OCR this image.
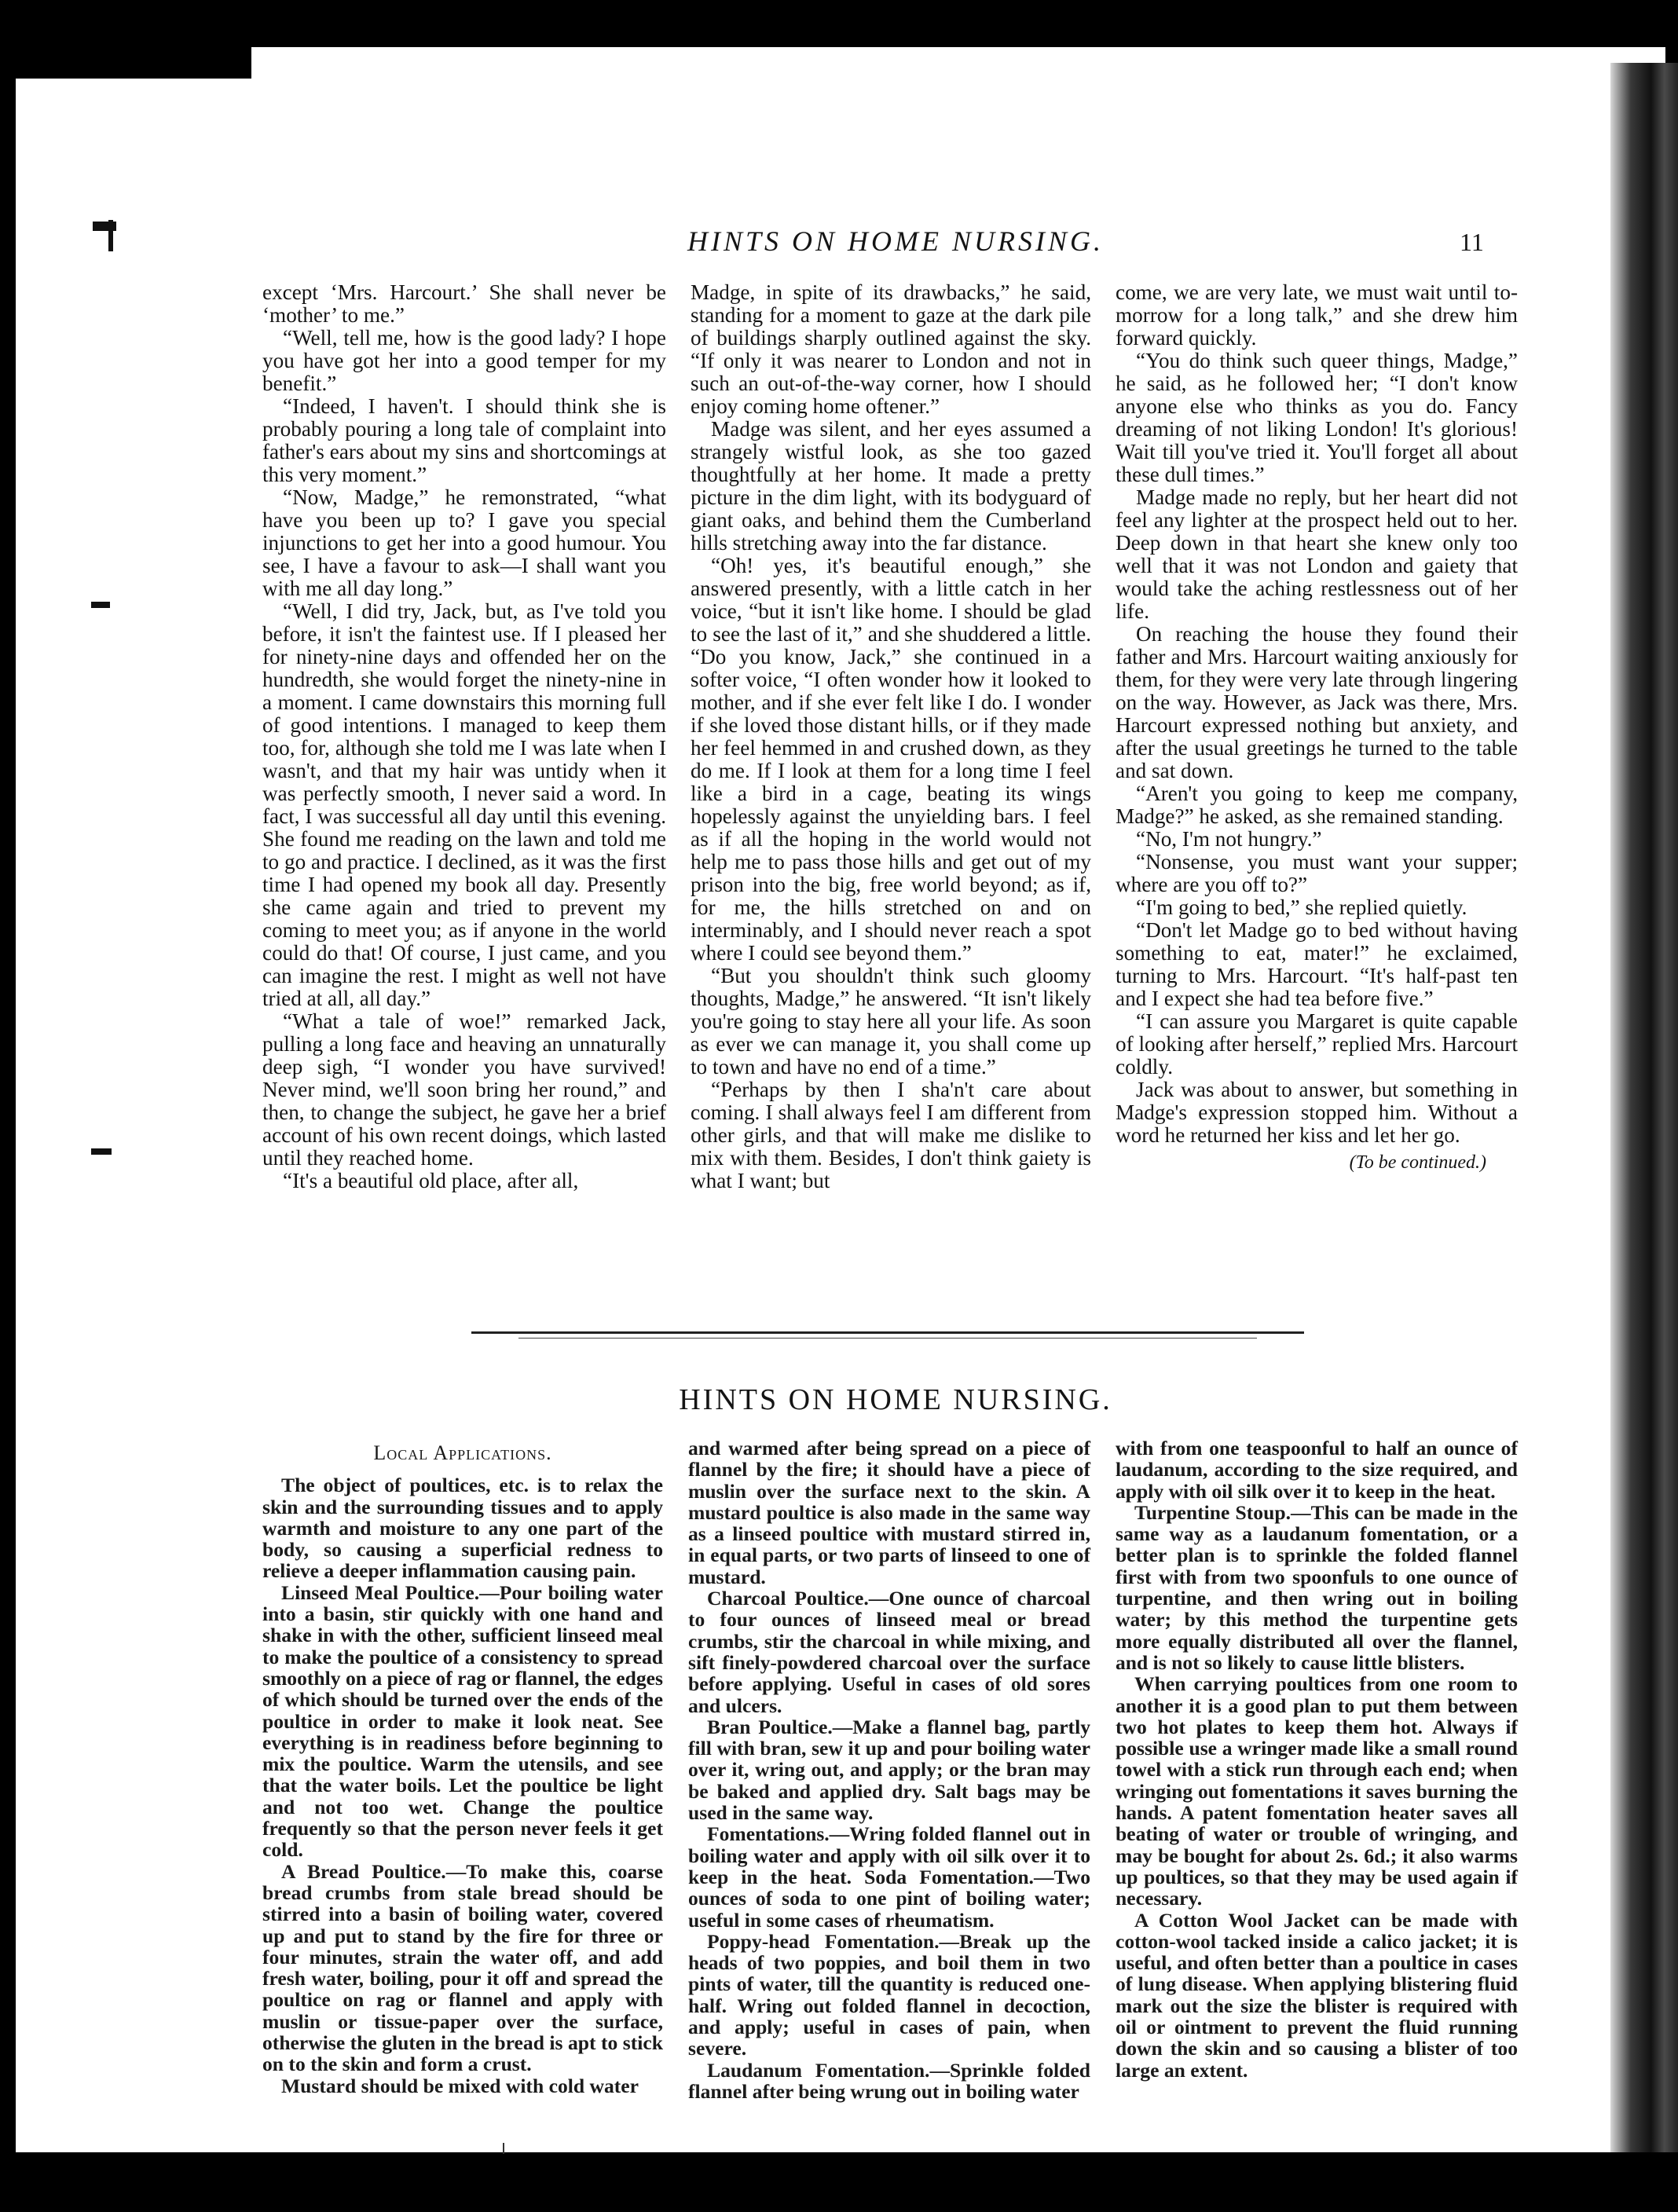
HINTS ON HOME NURSING.	11

except ‘Mrs. Harcourt.’ She shall never be ‘mother’ to me.”

“Well, tell me, how is the good lady? I hope you have got her into a good temper for my benefit.”

“Indeed, I haven't. I should think she is probably pouring a long tale of complaint into father's ears about my sins and shortcomings at this very moment.”

“Now, Madge,” he remonstrated, “what have you been up to? I gave you special injunctions to get her into a good humour. You see, I have a favour to ask—I shall want you with me all day long.”

“Well, I did try, Jack, but, as I've told you before, it isn't the faintest use. If I pleased her for ninety-nine days and offended her on the hundredth, she would forget the ninety-nine in a moment. I came downstairs this morning full of good intentions. I managed to keep them too, for, although she told me I was late when I wasn't, and that my hair was untidy when it was perfectly smooth, I never said a word. In fact, I was successful all day until this evening. She found me reading on the lawn and told me to go and practice. I declined, as it was the first time I had opened my book all day. Presently she came again and tried to prevent my coming to meet you; as if anyone in the world could do that! Of course, I just came, and you can imagine the rest. I might as well not have tried at all, all day.”

“What a tale of woe!” remarked Jack, pulling a long face and heaving an unnaturally deep sigh, “I wonder you have survived! Never mind, we'll soon bring her round,” and then, to change the subject, he gave her a brief account of his own recent doings, which lasted until they reached home.

“It's a beautiful old place, after all,

Madge, in spite of its drawbacks,” he said, standing for a moment to gaze at the dark pile of buildings sharply outlined against the sky. “If only it was nearer to London and not in such an out-of-the-way corner, how I should enjoy coming home oftener.”

Madge was silent, and her eyes assumed a strangely wistful look, as she too gazed thoughtfully at her home. It made a pretty picture in the dim light, with its bodyguard of giant oaks, and behind them the Cumberland hills stretching away into the far distance.

“Oh! yes, it's beautiful enough,” she answered presently, with a little catch in her voice, “but it isn't like home. I should be glad to see the last of it,” and she shuddered a little. “Do you know, Jack,” she continued in a softer voice, “I often wonder how it looked to mother, and if she ever felt like I do. I wonder if she loved those distant hills, or if they made her feel hemmed in and crushed down, as they do me. If I look at them for a long time I feel like a bird in a cage, beating its wings hopelessly against the unyielding bars. I feel as if all the hoping in the world would not help me to pass those hills and get out of my prison into the big, free world beyond; as if, for me, the hills stretched on and on interminably, and I should never reach a spot where I could see beyond them.”

“But you shouldn't think such gloomy thoughts, Madge,” he answered. “It isn't likely you're going to stay here all your life. As soon as ever we can manage it, you shall come up to town and have no end of a time.”

“Perhaps by then I sha'n't care about coming. I shall always feel I am different from other girls, and that will make me dislike to mix with them. Besides, I don't think gaiety is what I want; but

come, we are very late, we must wait until to-morrow for a long talk,” and she drew him forward quickly.

“You do think such queer things, Madge,” he said, as he followed her; “I don't know anyone else who thinks as you do. Fancy dreaming of not liking London! It's glorious! Wait till you've tried it. You'll forget all about these dull times.”

Madge made no reply, but her heart did not feel any lighter at the prospect held out to her. Deep down in that heart she knew only too well that it was not London and gaiety that would take the aching restlessness out of her life.

On reaching the house they found their father and Mrs. Harcourt waiting anxiously for them, for they were very late through lingering on the way. However, as Jack was there, Mrs. Harcourt expressed nothing but anxiety, and after the usual greetings he turned to the table and sat down.

“Aren't you going to keep me company, Madge?” he asked, as she remained standing.

“No, I'm not hungry.”

“Nonsense, you must want your supper; where are you off to?”

“I'm going to bed,” she replied quietly.

“Don't let Madge go to bed without having something to eat, mater!” he exclaimed, turning to Mrs. Harcourt. “It's half-past ten and I expect she had tea before five.”

“I can assure you Margaret is quite capable of looking after herself,” replied Mrs. Harcourt coldly.

Jack was about to answer, but something in Madge's expression stopped him. Without a word he returned her kiss and let her go.

(To be continued.)

HINTS ON HOME NURSING.

Local Applications.

The object of poultices, etc. is to relax the skin and the surrounding tissues and to apply warmth and moisture to any one part of the body, so causing a superficial redness to relieve a deeper inflammation causing pain.

Linseed Meal Poultice.—Pour boiling water into a basin, stir quickly with one hand and shake in with the other, sufficient linseed meal to make the poultice of a consistency to spread smoothly on a piece of rag or flannel, the edges of which should be turned over the ends of the poultice in order to make it look neat. See everything is in readiness before beginning to mix the poultice. Warm the utensils, and see that the water boils. Let the poultice be light and not too wet. Change the poultice frequently so that the person never feels it get cold.

A Bread Poultice.—To make this, coarse bread crumbs from stale bread should be stirred into a basin of boiling water, covered up and put to stand by the fire for three or four minutes, strain the water off, and add fresh water, boiling, pour it off and spread the poultice on rag or flannel and apply with muslin or tissue-paper over the surface, otherwise the gluten in the bread is apt to stick on to the skin and form a crust.

Mustard should be mixed with cold water

and warmed after being spread on a piece of flannel by the fire; it should have a piece of muslin over the surface next to the skin. A mustard poultice is also made in the same way as a linseed poultice with mustard stirred in, in equal parts, or two parts of linseed to one of mustard.

Charcoal Poultice.—One ounce of charcoal to four ounces of linseed meal or bread crumbs, stir the charcoal in while mixing, and sift finely-powdered charcoal over the surface before applying. Useful in cases of old sores and ulcers.

Bran Poultice.—Make a flannel bag, partly fill with bran, sew it up and pour boiling water over it, wring out, and apply; or the bran may be baked and applied dry. Salt bags may be used in the same way.

Fomentations.—Wring folded flannel out in boiling water and apply with oil silk over it to keep in the heat. Soda Fomentation.—Two ounces of soda to one pint of boiling water; useful in some cases of rheumatism.

Poppy-head Fomentation.—Break up the heads of two poppies, and boil them in two pints of water, till the quantity is reduced one-half. Wring out folded flannel in decoction, and apply; useful in cases of pain, when severe.

Laudanum Fomentation.—Sprinkle folded flannel after being wrung out in boiling water

with from one teaspoonful to half an ounce of laudanum, according to the size required, and apply with oil silk over it to keep in the heat.

Turpentine Stoup.—This can be made in the same way as a laudanum fomentation, or a better plan is to sprinkle the folded flannel first with from two spoonfuls to one ounce of turpentine, and then wring out in boiling water; by this method the turpentine gets more equally distributed all over the flannel, and is not so likely to cause little blisters.

When carrying poultices from one room to another it is a good plan to put them between two hot plates to keep them hot. Always if possible use a wringer made like a small round towel with a stick run through each end; when wringing out fomentations it saves burning the hands. A patent fomentation heater saves all beating of water or trouble of wringing, and may be bought for about 2s. 6d.; it also warms up poultices, so that they may be used again if necessary.

A Cotton Wool Jacket can be made with cotton-wool tacked inside a calico jacket; it is useful, and often better than a poultice in cases of lung disease. When applying blistering fluid mark out the size the blister is required with oil or ointment to prevent the fluid running down the skin and so causing a blister of too large an extent.
